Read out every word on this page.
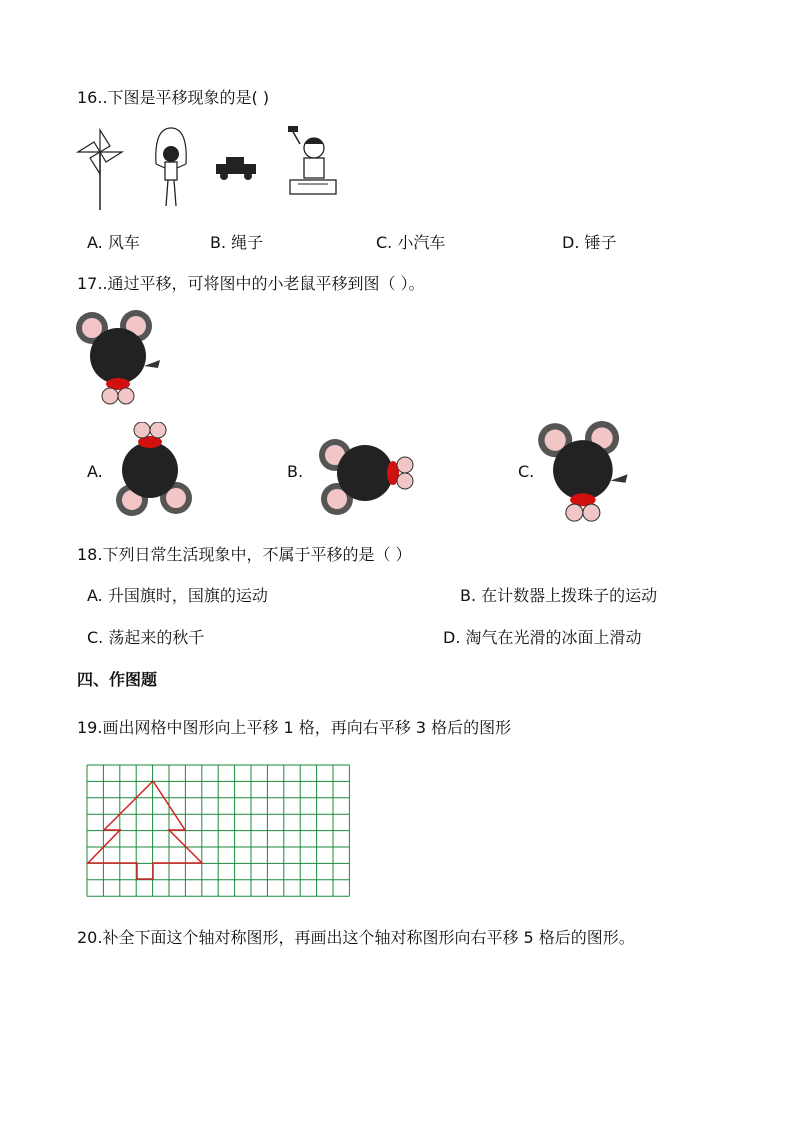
16..下图是平移现象的是( )
A. 风车	B. 绳子	C. 小汽车	D. 锤子
17..通过平移，可将图中的小老鼠平移到图（ ）。
A.	B.	C.
18.下列日常生活现象中，不属于平移的是（ ）
A. 升国旗时，国旗的运动	B. 在计数器上拨珠子的运动
C. 荡起来的秋千	D. 淘气在光滑的冰面上滑动
四、作图题
19.画出网格中图形向上平移 1 格，再向右平移 3 格后的图形
20.补全下面这个轴对称图形，再画出这个轴对称图形向右平移 5 格后的图形。
